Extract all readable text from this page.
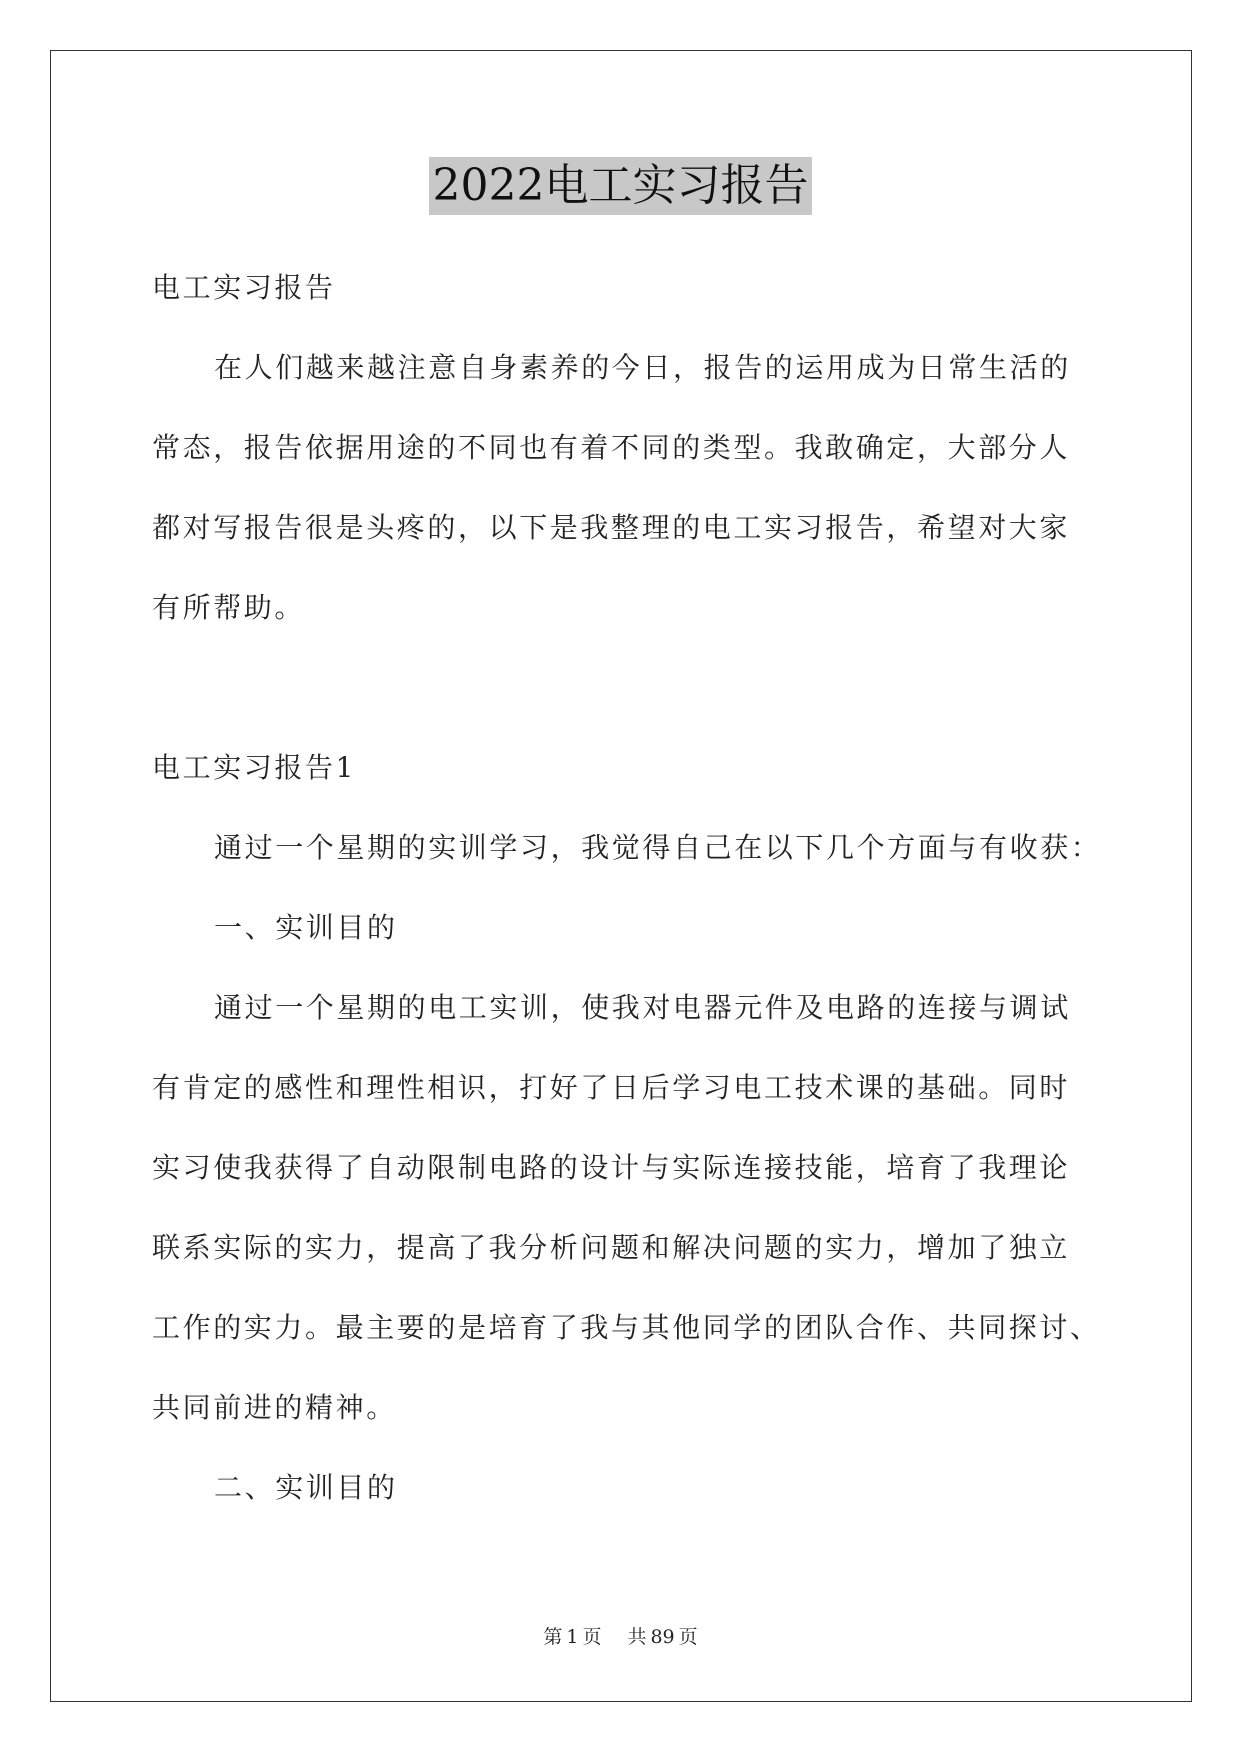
2022电工实习报告
电工实习报告
在人们越来越注意自身素养的今日，报告的运用成为日常生活的
常态，报告依据用途的不同也有着不同的类型。我敢确定，大部分人
都对写报告很是头疼的，以下是我整理的电工实习报告，希望对大家
有所帮助。
电工实习报告1
通过一个星期的实训学习，我觉得自己在以下几个方面与有收获：
一、实训目的
通过一个星期的电工实训，使我对电器元件及电路的连接与调试
有肯定的感性和理性相识，打好了日后学习电工技术课的基础。同时
实习使我获得了自动限制电路的设计与实际连接技能，培育了我理论
联系实际的实力，提高了我分析问题和解决问题的实力，增加了独立
工作的实力。最主要的是培育了我与其他同学的团队合作、共同探讨、
共同前进的精神。
二、实训目的
第 1 页 共 89 页
